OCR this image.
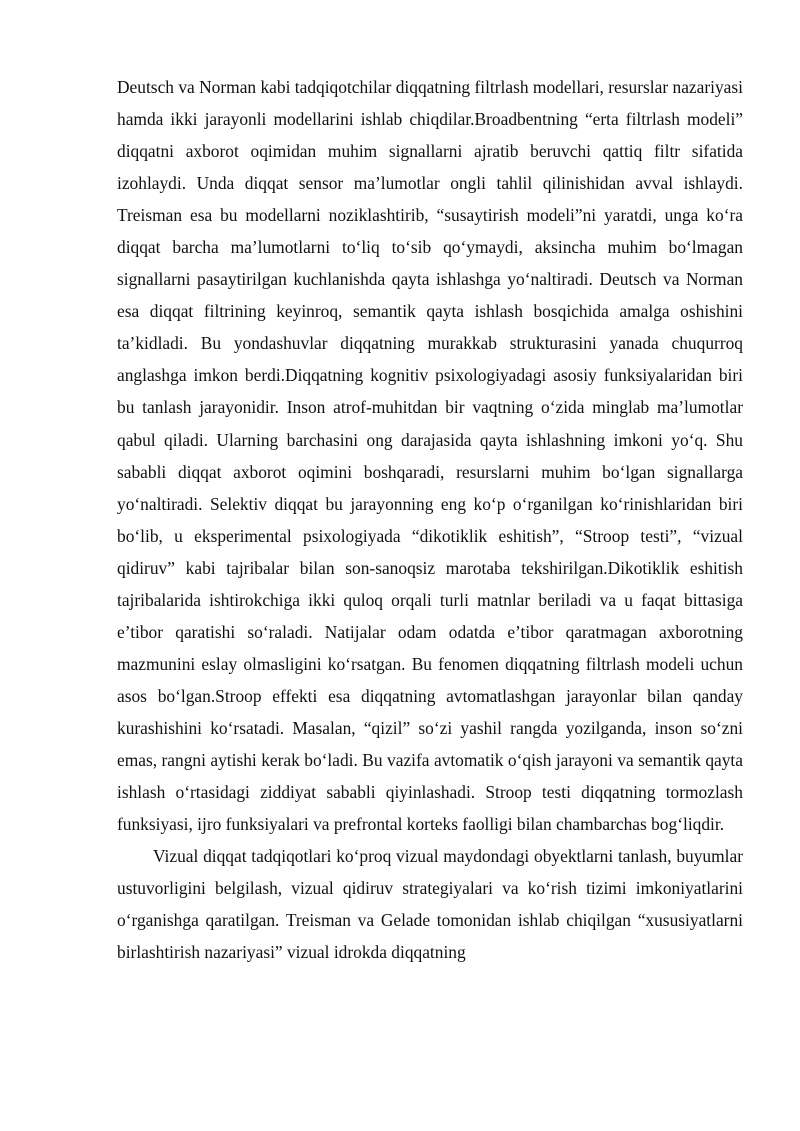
Deutsch va Norman kabi tadqiqotchilar diqqatning filtrlash modellari, resurslar nazariyasi hamda ikki jarayonli modellarini ishlab chiqdilar.Broadbentning “erta filtrlash modeli” diqqatni axborot oqimidan muhim signallarni ajratib beruvchi qattiq filtr sifatida izohlaydi. Unda diqqat sensor ma’lumotlar ongli tahlil qilinishidan avval ishlaydi. Treisman esa bu modellarni noziklashtirib, “susaytirish modeli”ni yaratdi, unga ko‘ra diqqat barcha ma’lumotlarni to‘liq to‘sib qo‘ymaydi, aksincha muhim bo‘lmagan signallarni pasaytirilgan kuchlanishda qayta ishlashga yo‘naltiradi. Deutsch va Norman esa diqqat filtrining keyinroq, semantik qayta ishlash bosqichida amalga oshishini ta’kidladi. Bu yondashuvlar diqqatning murakkab strukturasini yanada chuqurroq anglashga imkon berdi.Diqqatning kognitiv psixologiyadagi asosiy funksiyalaridan biri bu tanlash jarayonidir. Inson atrof-muhitdan bir vaqtning o‘zida minglab ma’lumotlar qabul qiladi. Ularning barchasini ong darajasida qayta ishlashning imkoni yo‘q. Shu sababli diqqat axborot oqimini boshqaradi, resurslarni muhim bo‘lgan signallarga yo‘naltiradi. Selektiv diqqat bu jarayonning eng ko‘p o‘rganilgan ko‘rinishlaridan biri bo‘lib, u eksperimental psixologiyada “dikotiklik eshitish”, “Stroop testi”, “vizual qidiruv” kabi tajribalar bilan son-sanoqsiz marotaba tekshirilgan.Dikotiklik eshitish tajribalarida ishtirokchiga ikki quloq orqali turli matnlar beriladi va u faqat bittasiga e’tibor qaratishi so‘raladi. Natijalar odam odatda e’tibor qaratmagan axborotning mazmunini eslay olmasligini ko‘rsatgan. Bu fenomen diqqatning filtrlash modeli uchun asos bo‘lgan.Stroop effekti esa diqqatning avtomatlashgan jarayonlar bilan qanday kurashishini ko‘rsatadi. Masalan, “qizil” so‘zi yashil rangda yozilganda, inson so‘zni emas, rangni aytishi kerak bo‘ladi. Bu vazifa avtomatik o‘qish jarayoni va semantik qayta ishlash o‘rtasidagi ziddiyat sababli qiyinlashadi. Stroop testi diqqatning tormozlash funksiyasi, ijro funksiyalari va prefrontal korteks faolligi bilan chambarchas bog‘liqdir.

Vizual diqqat tadqiqotlari ko‘proq vizual maydondagi obyektlarni tanlash, buyumlar ustuvorligini belgilash, vizual qidiruv strategiyalari va ko‘rish tizimi imkoniyatlarini o‘rganishga qaratilgan. Treisman va Gelade tomonidan ishlab chiqilgan “xususiyatlarni birlashtirish nazariyasi” vizual idrokda diqqatning
